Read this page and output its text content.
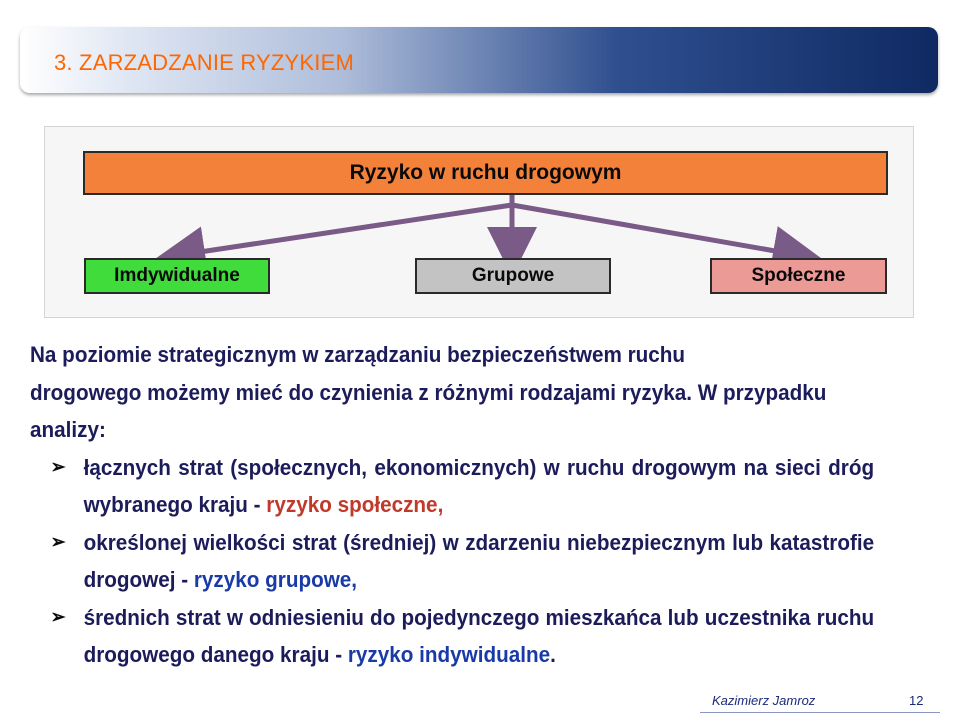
3. ZARZADZANIE RYZYKIEM
Ryzyko w ruchu drogowym
Imdywidualne	Grupowe	Społeczne

Na poziomie strategicznym w zarządzaniu bezpieczeństwem ruchu
drogowego możemy mieć do czynienia z różnymi rodzajami ryzyka. W przypadku analizy:

➢ łącznych strat (społecznych, ekonomicznych) w ruchu drogowym na sieci dróg wybranego kraju - ryzyko społeczne,

➢ określonej wielkości strat (średniej) w zdarzeniu niebezpiecznym lub katastrofie drogowej - ryzyko grupowe,

➢ średnich strat w odniesieniu do pojedynczego mieszkańca lub uczestnika ruchu drogowego danego kraju - ryzyko indywidualne.

Kazimierz Jamroz	12
